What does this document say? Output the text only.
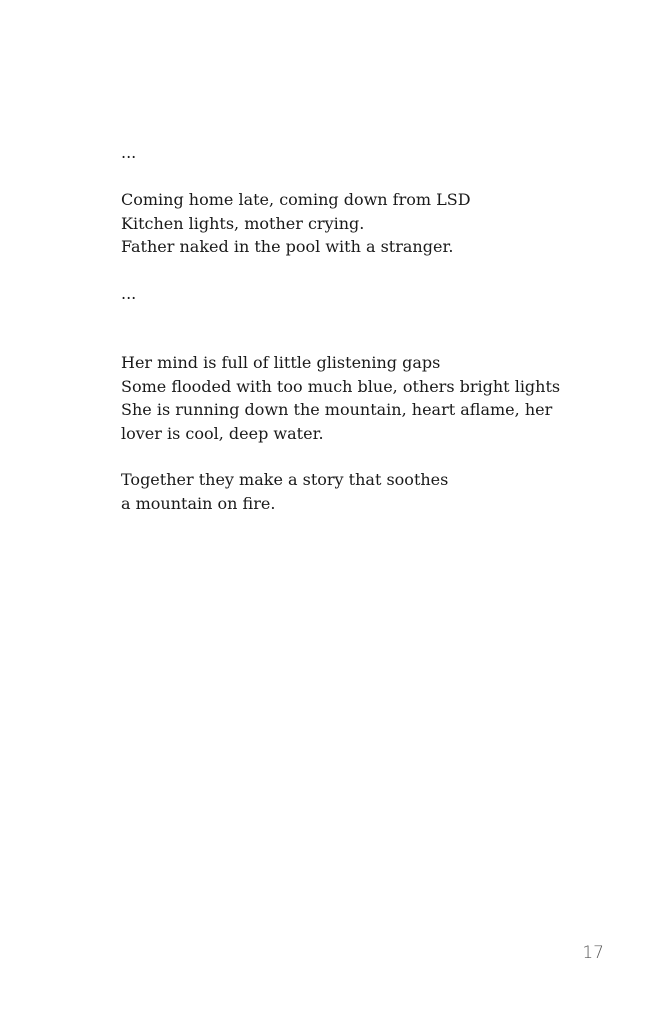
...
Coming home late, coming down from LSD
Kitchen lights, mother crying.
Father naked in the pool with a stranger.
...
Her mind is full of little glistening gaps
Some flooded with too much blue, others bright lights
She is running down the mountain, heart aflame, her
lover is cool, deep water.
Together they make a story that soothes
a mountain on fire.
17
